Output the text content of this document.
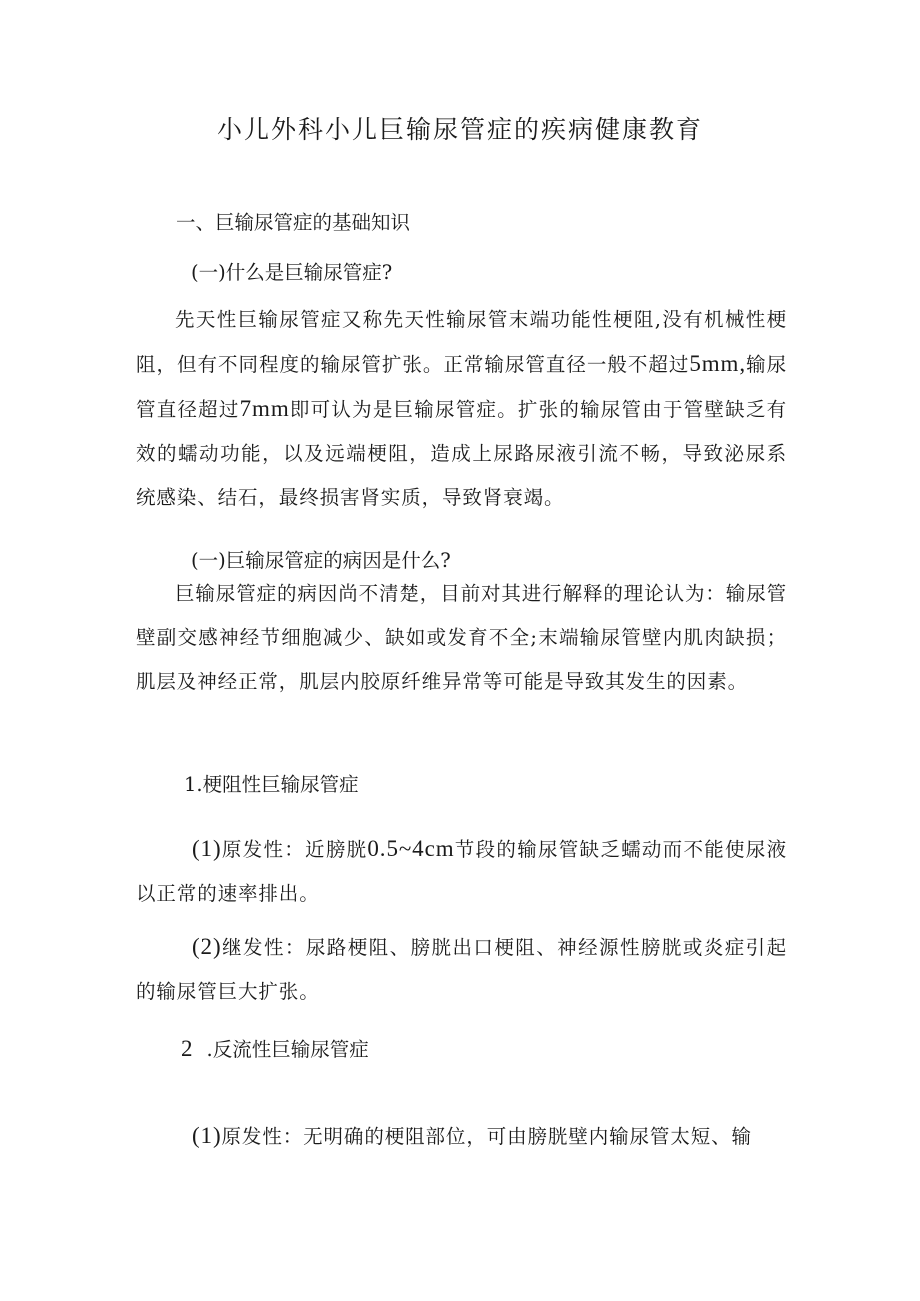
小儿外科小儿巨输尿管症的疾病健康教育
一、巨输尿管症的基础知识
(一)什么是巨输尿管症?
先天性巨输尿管症又称先天性输尿管末端功能性梗阻,没有机械性梗阻，但有不同程度的输尿管扩张。正常输尿管直径一般不超过5mm,输尿管直径超过7mm即可认为是巨输尿管症。扩张的输尿管由于管壁缺乏有效的蠕动功能，以及远端梗阻，造成上尿路尿液引流不畅，导致泌尿系统感染、结石，最终损害肾实质，导致肾衰竭。
(一)巨输尿管症的病因是什么?
巨输尿管症的病因尚不清楚，目前对其进行解释的理论认为：输尿管壁副交感神经节细胞减少、缺如或发育不全;末端输尿管壁内肌肉缺损；肌层及神经正常，肌层内胶原纤维异常等可能是导致其发生的因素。
1.梗阻性巨输尿管症
(1)原发性：近膀胱0.5~4cm节段的输尿管缺乏蠕动而不能使尿液以正常的速率排出。
(2)继发性：尿路梗阻、膀胱出口梗阻、神经源性膀胱或炎症引起的输尿管巨大扩张。
2 .反流性巨输尿管症
(1)原发性：无明确的梗阻部位，可由膀胱壁内输尿管太短、输
